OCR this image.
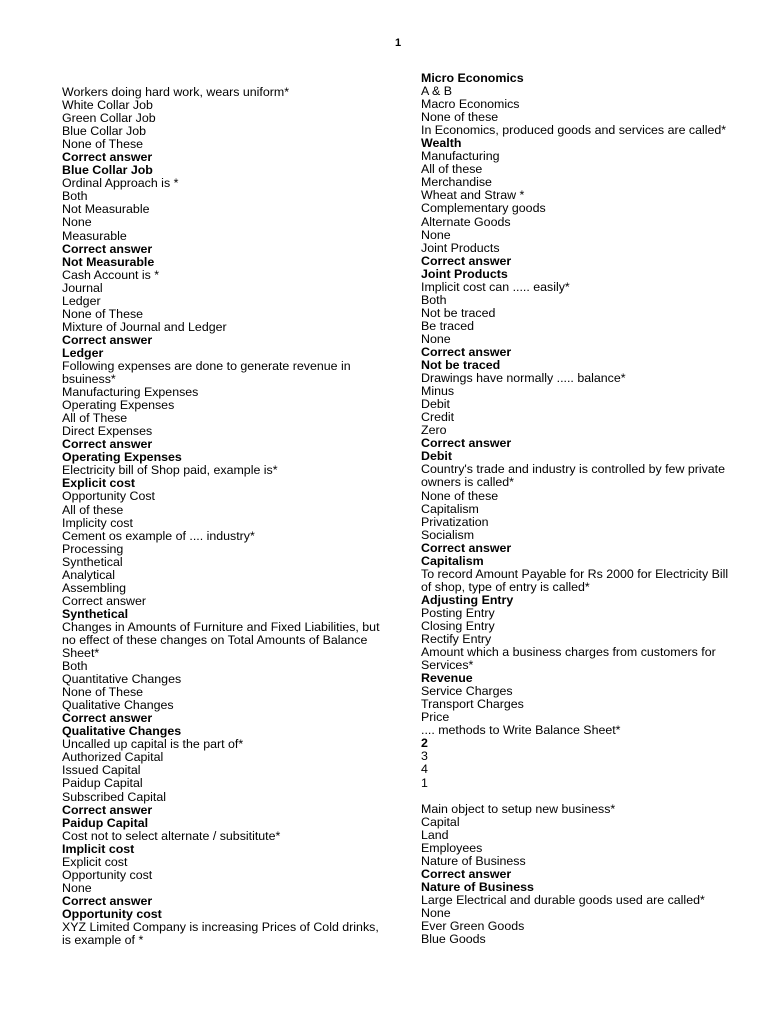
1
Workers doing hard work, wears uniform*
White Collar Job
Green Collar Job
Blue Collar Job
None of These
Correct answer
Blue Collar Job
Ordinal Approach is *
Both
Not Measurable
None
Measurable
Correct answer
Not Measurable
Cash Account is *
Journal
Ledger
None of These
Mixture of Journal and Ledger
Correct answer
Ledger
Following expenses are done to generate revenue in bsuiness*
Manufacturing Expenses
Operating Expenses
All of These
Direct Expenses
Correct answer
Operating Expenses
Electricity bill of Shop paid, example is*
Explicit cost
Opportunity Cost
All of these
Implicity cost
Cement os example of .... industry*
Processing
Synthetical
Analytical
Assembling
Correct answer
Synthetical
Changes in Amounts of Furniture and Fixed Liabilities, but no effect of these changes on Total Amounts of Balance Sheet*
Both
Quantitative Changes
None of These
Qualitative Changes
Correct answer
Qualitative Changes
Uncalled up capital is the part of*
Authorized Capital
Issued Capital
Paidup Capital
Subscribed Capital
Correct answer
Paidup Capital
Cost not to select alternate / subsititute*
Implicit cost
Explicit cost
Opportunity cost
None
Correct answer
Opportunity cost
XYZ Limited Company is increasing Prices of Cold drinks, is example of *
Micro Economics
A & B
Macro Economics
None of these
In Economics, produced goods and services are called*
Wealth
Manufacturing
All of these
Merchandise
Wheat and Straw *
Complementary goods
Alternate Goods
None
Joint Products
Correct answer
Joint Products
Implicit cost can ..... easily*
Both
Not be traced
Be traced
None
Correct answer
Not be traced
Drawings have normally ..... balance*
Minus
Debit
Credit
Zero
Correct answer
Debit
Country's trade and industry is controlled by few private owners is called*
None of these
Capitalism
Privatization
Socialism
Correct answer
Capitalism
To record Amount Payable for Rs 2000 for Electricity Bill of shop, type of entry is called*
Adjusting Entry
Posting Entry
Closing Entry
Rectify Entry
Amount which a business charges from customers for Services*
Revenue
Service Charges
Transport Charges
Price
.... methods to Write Balance Sheet*
2
3
4
1
Main object to setup new business*
Capital
Land
Employees
Nature of Business
Correct answer
Nature of Business
Large Electrical and durable goods used are called*
None
Ever Green Goods
Blue Goods
